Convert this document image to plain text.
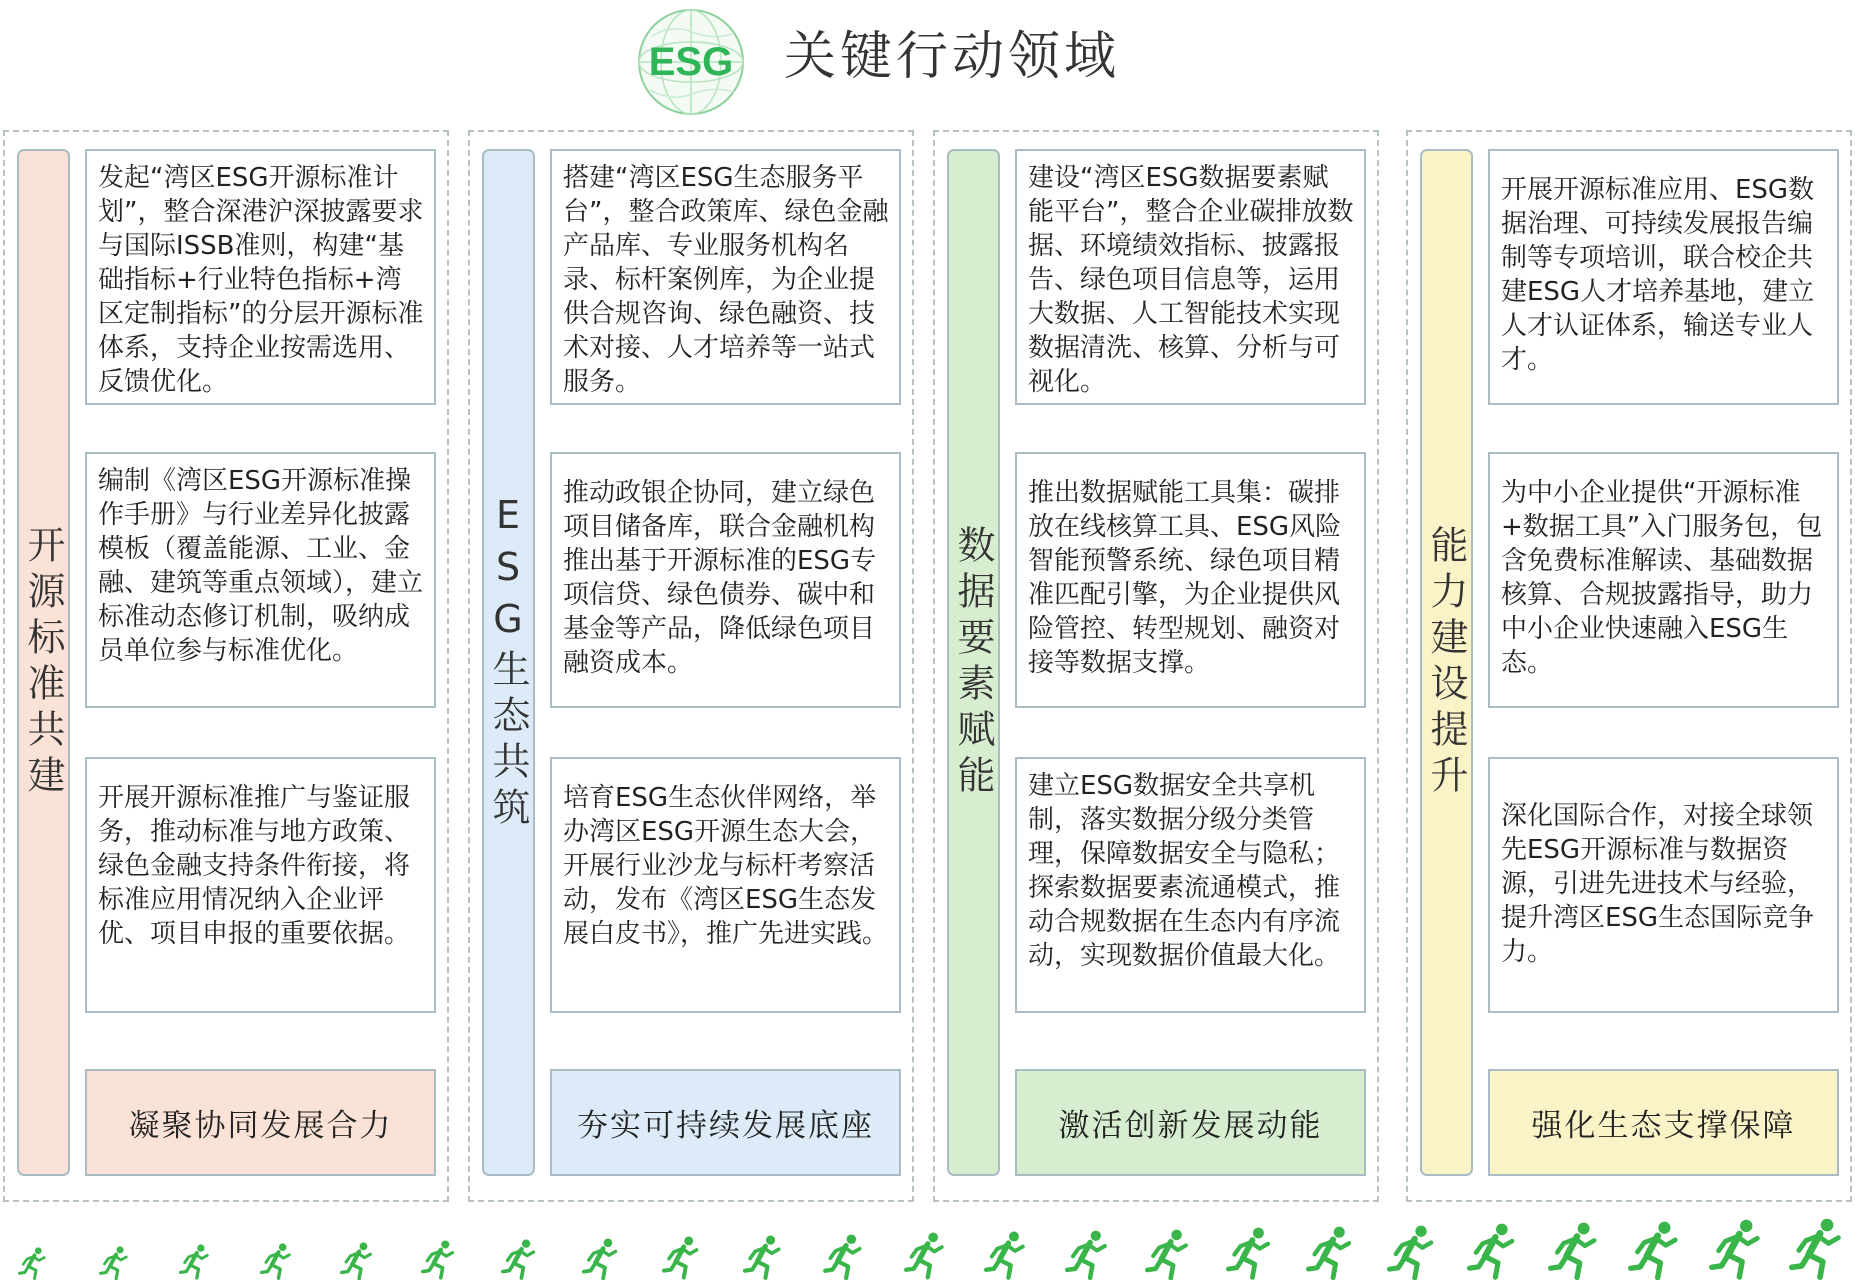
ESG 关键行动领域
开源标准共建
发起“湾区ESG开源标准计划”，整合深港沪深披露要求与国际ISSB准则，构建“基础指标+行业特色指标+湾区定制指标”的分层开源标准体系，支持企业按需选用、反馈优化。
编制《湾区ESG开源标准操作手册》与行业差异化披露模板（覆盖能源、工业、金融、建筑等重点领域），建立标准动态修订机制，吸纳成员单位参与标准优化。
开展开源标准推广与鉴证服务，推动标准与地方政策、绿色金融支持条件衔接，将标准应用情况纳入企业评优、项目申报的重要依据。
凝聚协同发展合力
ESG生态共筑
搭建“湾区ESG生态服务平台”，整合政策库、绿色金融产品库、专业服务机构名录、标杆案例库，为企业提供合规咨询、绿色融资、技术对接、人才培养等一站式服务。
推动政银企协同，建立绿色项目储备库，联合金融机构推出基于开源标准的ESG专项信贷、绿色债券、碳中和基金等产品，降低绿色项目融资成本。
培育ESG生态伙伴网络，举办湾区ESG开源生态大会，开展行业沙龙与标杆考察活动，发布《湾区ESG生态发展白皮书》，推广先进实践。
夯实可持续发展底座
数据要素赋能
建设“湾区ESG数据要素赋能平台”，整合企业碳排放数据、环境绩效指标、披露报告、绿色项目信息等，运用大数据、人工智能技术实现数据清洗、核算、分析与可视化。
推出数据赋能工具集：碳排放在线核算工具、ESG风险智能预警系统、绿色项目精准匹配引擎，为企业提供风险管控、转型规划、融资对接等数据支撑。
建立ESG数据安全共享机制，落实数据分级分类管理，保障数据安全与隐私；探索数据要素流通模式，推动合规数据在生态内有序流动，实现数据价值最大化。
激活创新发展动能
能力建设提升
开展开源标准应用、ESG数据治理、可持续发展报告编制等专项培训，联合校企共建ESG人才培养基地，建立人才认证体系，输送专业人才。
为中小企业提供“开源标准+数据工具”入门服务包，包含免费标准解读、基础数据核算、合规披露指导，助力中小企业快速融入ESG生态。
深化国际合作，对接全球领先ESG开源标准与数据资源，引进先进技术与经验，提升湾区ESG生态国际竞争力。
强化生态支撑保障
